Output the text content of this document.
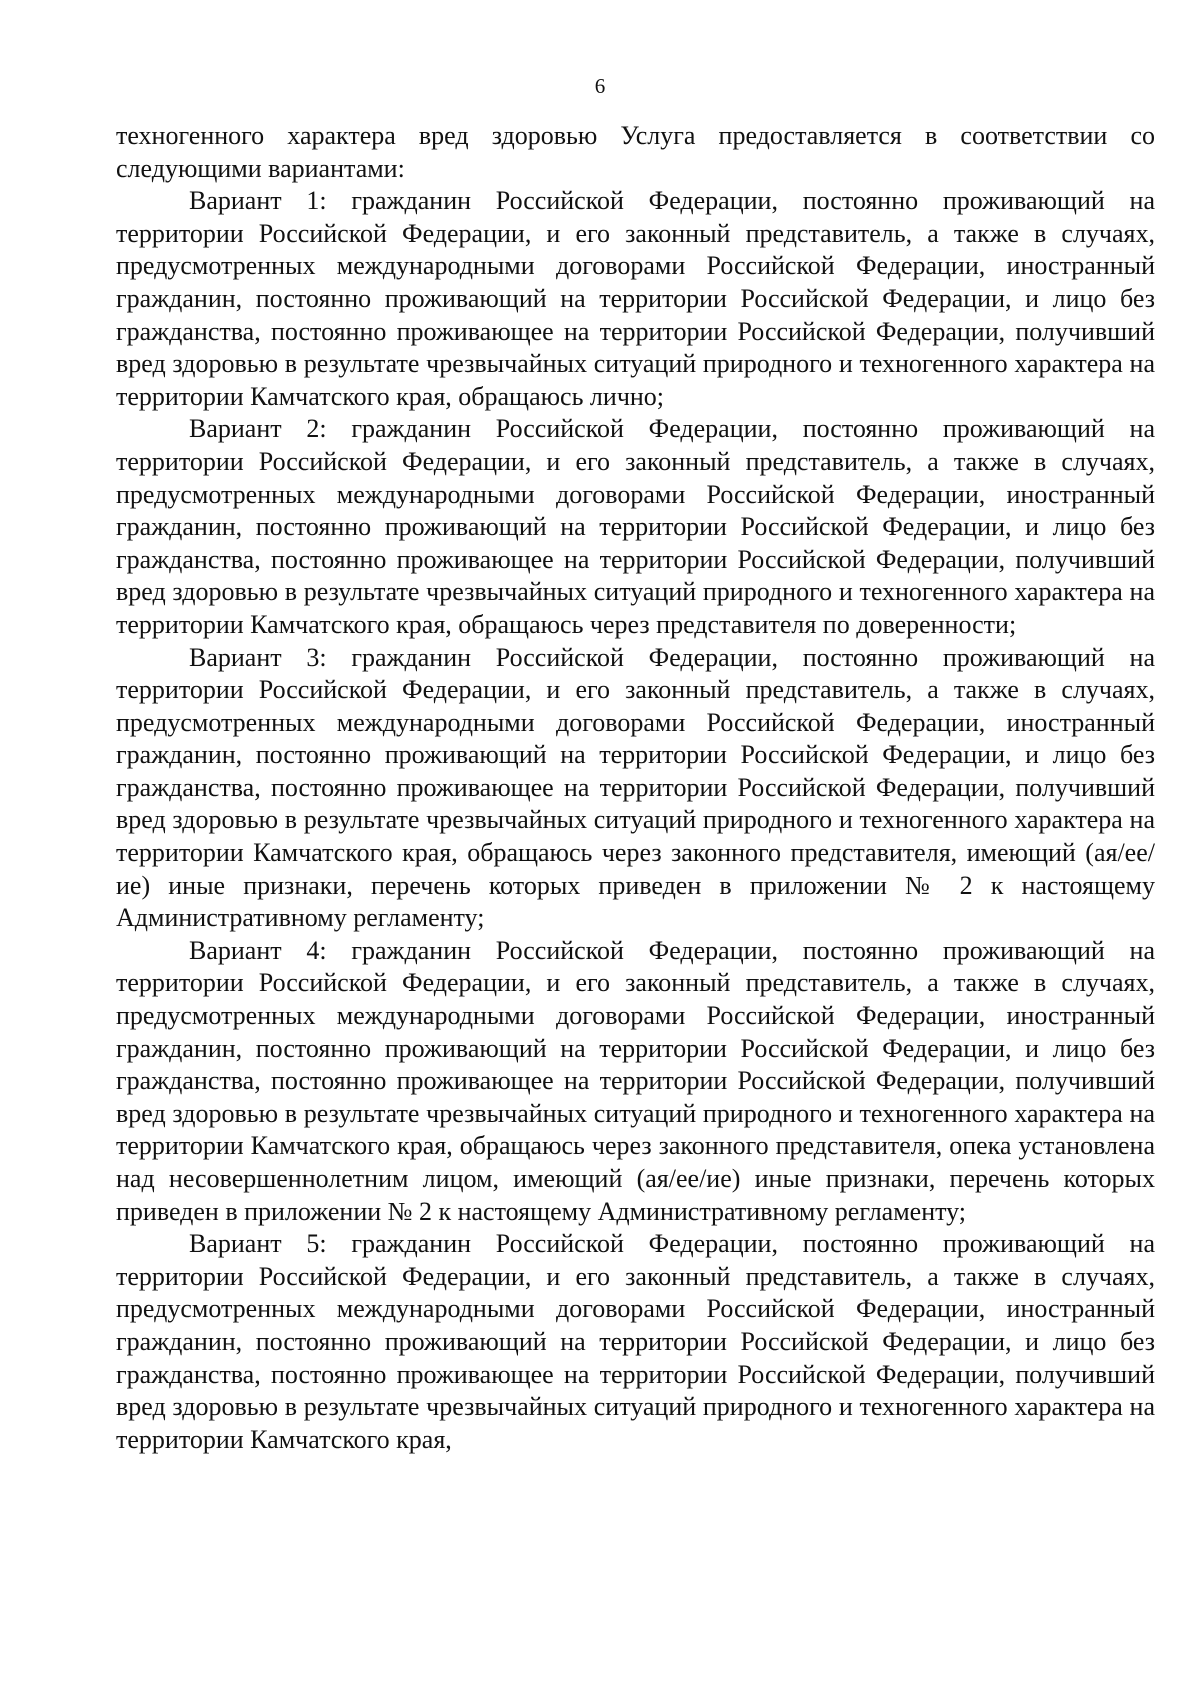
6

техногенного характера вред здоровью Услуга предоставляется в соответствии со следующими вариантами:

Вариант 1: гражданин Российской Федерации, постоянно проживающий на территории Российской Федерации, и его законный представитель, а также в случаях, предусмотренных международными договорами Российской Федерации, иностранный гражданин, постоянно проживающий на территории Российской Федерации, и лицо без гражданства, постоянно проживающее на территории Российской Федерации, получивший вред здоровью в результате чрезвычайных ситуаций природного и техногенного характера на территории Камчатского края, обращаюсь лично;

Вариант 2: гражданин Российской Федерации, постоянно проживающий на территории Российской Федерации, и его законный представитель, а также в случаях, предусмотренных международными договорами Российской Федерации, иностранный гражданин, постоянно проживающий на территории Российской Федерации, и лицо без гражданства, постоянно проживающее на территории Российской Федерации, получивший вред здоровью в результате чрезвычайных ситуаций природного и техногенного характера на территории Камчатского края, обращаюсь через представителя по доверенности;

Вариант 3: гражданин Российской Федерации, постоянно проживающий на территории Российской Федерации, и его законный представитель, а также в случаях, предусмотренных международными договорами Российской Федерации, иностранный гражданин, постоянно проживающий на территории Российской Федерации, и лицо без гражданства, постоянно проживающее на территории Российской Федерации, получивший вред здоровью в результате чрезвычайных ситуаций природного и техногенного характера на территории Камчатского края, обращаюсь через законного представителя, имеющий (ая/ее/ие) иные признаки, перечень которых приведен в приложении № 2 к настоящему Административному регламенту;

Вариант 4: гражданин Российской Федерации, постоянно проживающий на территории Российской Федерации, и его законный представитель, а также в случаях, предусмотренных международными договорами Российской Федерации, иностранный гражданин, постоянно проживающий на территории Российской Федерации, и лицо без гражданства, постоянно проживающее на территории Российской Федерации, получивший вред здоровью в результате чрезвычайных ситуаций природного и техногенного характера на территории Камчатского края, обращаюсь через законного представителя, опека установлена над несовершеннолетним лицом, имеющий (ая/ее/ие) иные признаки, перечень которых приведен в приложении № 2 к настоящему Административному регламенту;

Вариант 5: гражданин Российской Федерации, постоянно проживающий на территории Российской Федерации, и его законный представитель, а также в случаях, предусмотренных международными договорами Российской Федерации, иностранный гражданин, постоянно проживающий на территории Российской Федерации, и лицо без гражданства, постоянно проживающее на территории Российской Федерации, получивший вред здоровью в результате чрезвычайных ситуаций природного и техногенного характера на территории Камчатского края,
